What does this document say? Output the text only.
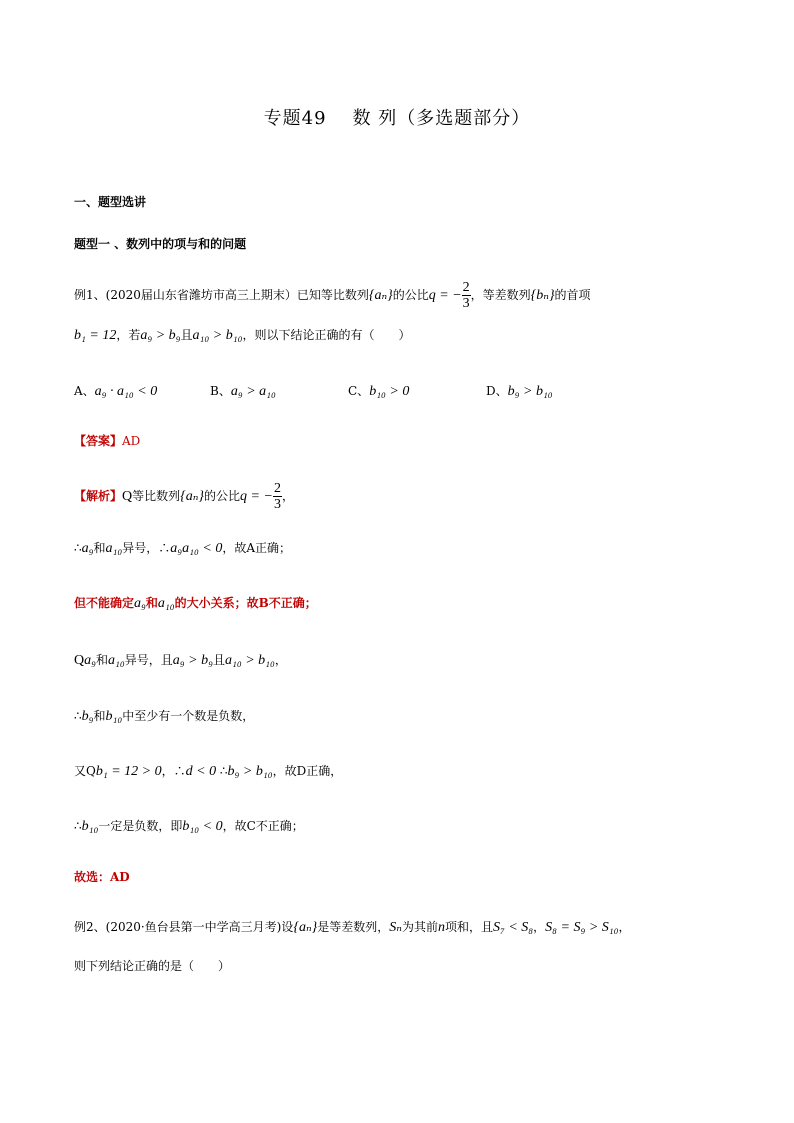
专题49 数 列（多选题部分）
一、题型选讲
题型一 、数列中的项与和的问题
例1、(2020届山东省潍坊市高三上期末）已知等比数列{aₙ}的公比q = − $\frac{2}{3}$ ，等差数列{bₙ}的首项
b₁ = 12，若a₉ > b₉且a₁₀ > b₁₀，则以下结论正确的有（　　）
A、a₉ · a₁₀ < 0	B、a₉ > a₁₀	C、b₁₀ > 0	D、b₉ > b₁₀
【答案】AD
【解析】Q等比数列{aₙ}的公比q = − $\frac{2}{3}$ ，
∴a₉和a₁₀异号，∴a₉a₁₀ < 0，故A正确；
但不能确定a₉和a₁₀的大小关系；故B不正确；
Qa₉和a₁₀异号，且a₉ > b₉且a₁₀ > b₁₀，
∴b₉和b₁₀中至少有一个数是负数，
又Qb₁ = 12 > 0，∴d < 0 ∴b₉ > b₁₀，故D正确，
∴b₁₀一定是负数，即b₁₀ < 0，故C不正确；
故选：AD
例2、(2020·鱼台县第一中学高三月考)设{aₙ}是等差数列，Sₙ为其前n项和，且S₇ < S₈，S₈ = S₉ > S₁₀，
则下列结论正确的是（　　）
